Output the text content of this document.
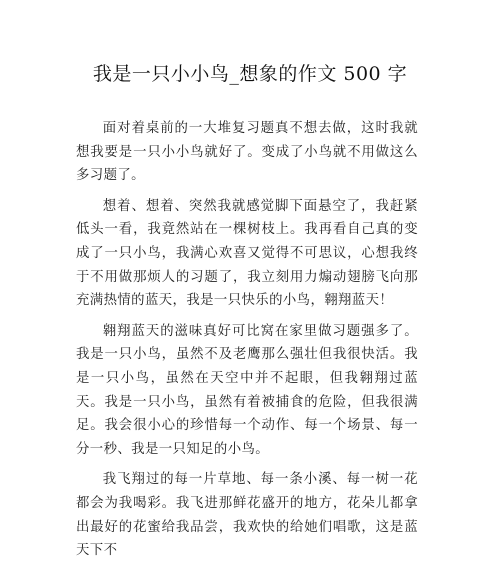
我是一只小小鸟_想象的作文 500 字

面对着桌前的一大堆复习题真不想去做，这时我就想我要是一只小小鸟就好了。变成了小鸟就不用做这么多习题了。

想着、想着、突然我就感觉脚下面悬空了，我赶紧低头一看，我竟然站在一棵树枝上。我再看自己真的变成了一只小鸟，我满心欢喜又觉得不可思议，心想我终于不用做那烦人的习题了，我立刻用力煽动翅膀飞向那充满热情的蓝天，我是一只快乐的小鸟，翱翔蓝天！

翱翔蓝天的滋味真好可比窝在家里做习题强多了。我是一只小鸟，虽然不及老鹰那么强壮但我很快活。我是一只小鸟，虽然在天空中并不起眼，但我翱翔过蓝天。我是一只小鸟，虽然有着被捕食的危险，但我很满足。我会很小心的珍惜每一个动作、每一个场景、每一分一秒、我是一只知足的小鸟。

我飞翔过的每一片草地、每一条小溪、每一树一花都会为我喝彩。我飞进那鲜花盛开的地方，花朵儿都拿出最好的花蜜给我品尝，我欢快的给她们唱歌，这是蓝天下不
